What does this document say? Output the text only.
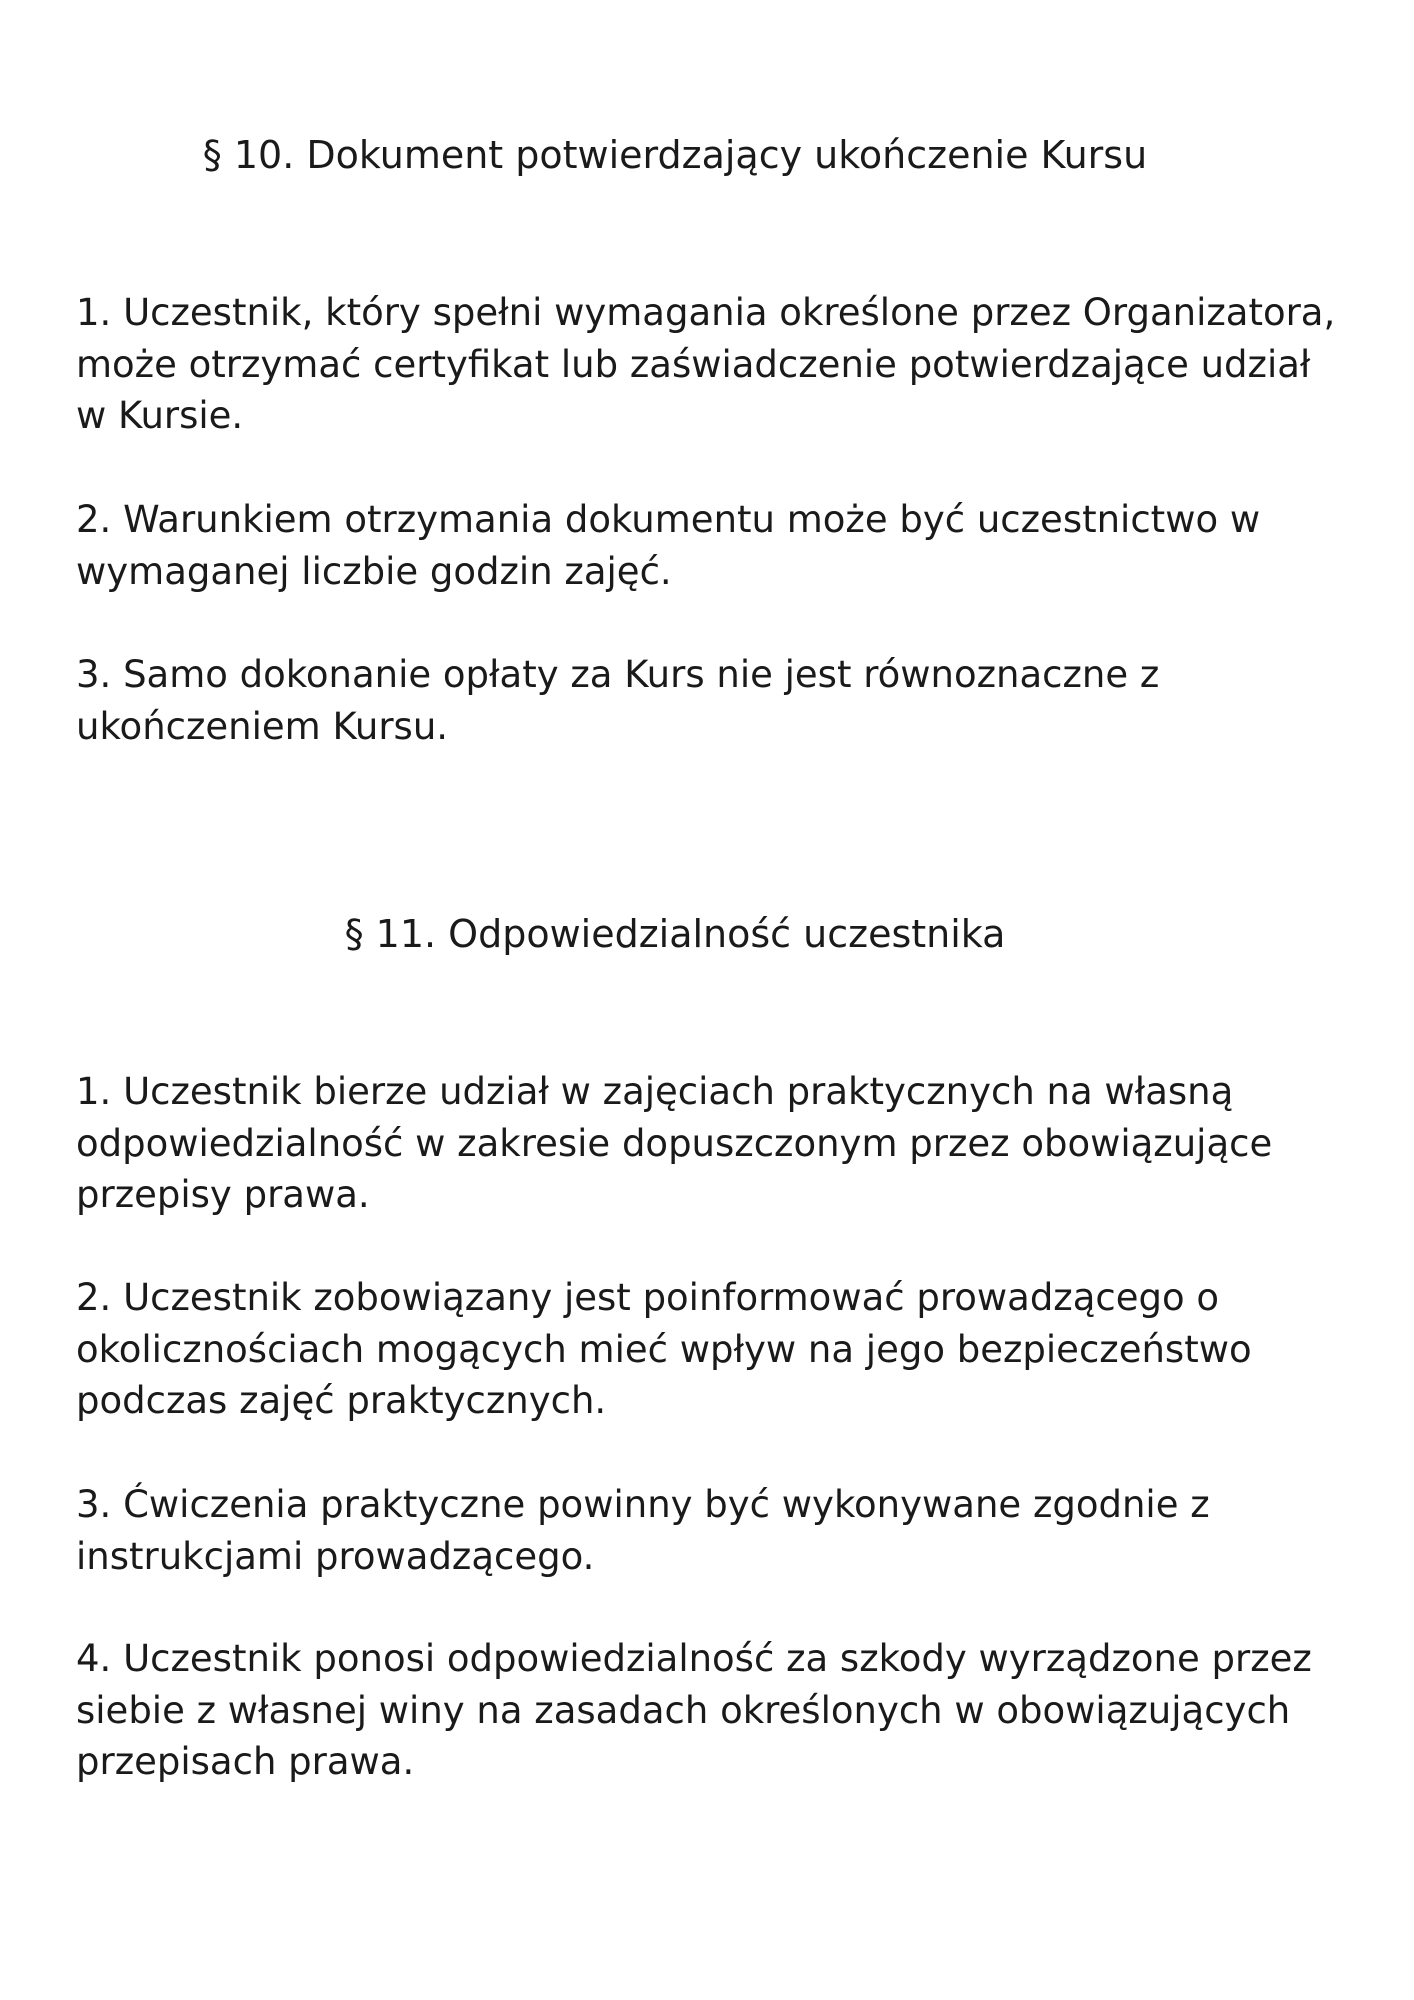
§ 10. Dokument potwierdzający ukończenie Kursu

1. Uczestnik, który spełni wymagania określone przez Organizatora,
może otrzymać certyfikat lub zaświadczenie potwierdzające udział
w Kursie.

2. Warunkiem otrzymania dokumentu może być uczestnictwo w
wymaganej liczbie godzin zajęć.

3. Samo dokonanie opłaty za Kurs nie jest równoznaczne z
ukończeniem Kursu.

§ 11. Odpowiedzialność uczestnika

1. Uczestnik bierze udział w zajęciach praktycznych na własną
odpowiedzialność w zakresie dopuszczonym przez obowiązujące
przepisy prawa.

2. Uczestnik zobowiązany jest poinformować prowadzącego o
okolicznościach mogących mieć wpływ na jego bezpieczeństwo
podczas zajęć praktycznych.

3. Ćwiczenia praktyczne powinny być wykonywane zgodnie z
instrukcjami prowadzącego.

4. Uczestnik ponosi odpowiedzialność za szkody wyrządzone przez
siebie z własnej winy na zasadach określonych w obowiązujących
przepisach prawa.
